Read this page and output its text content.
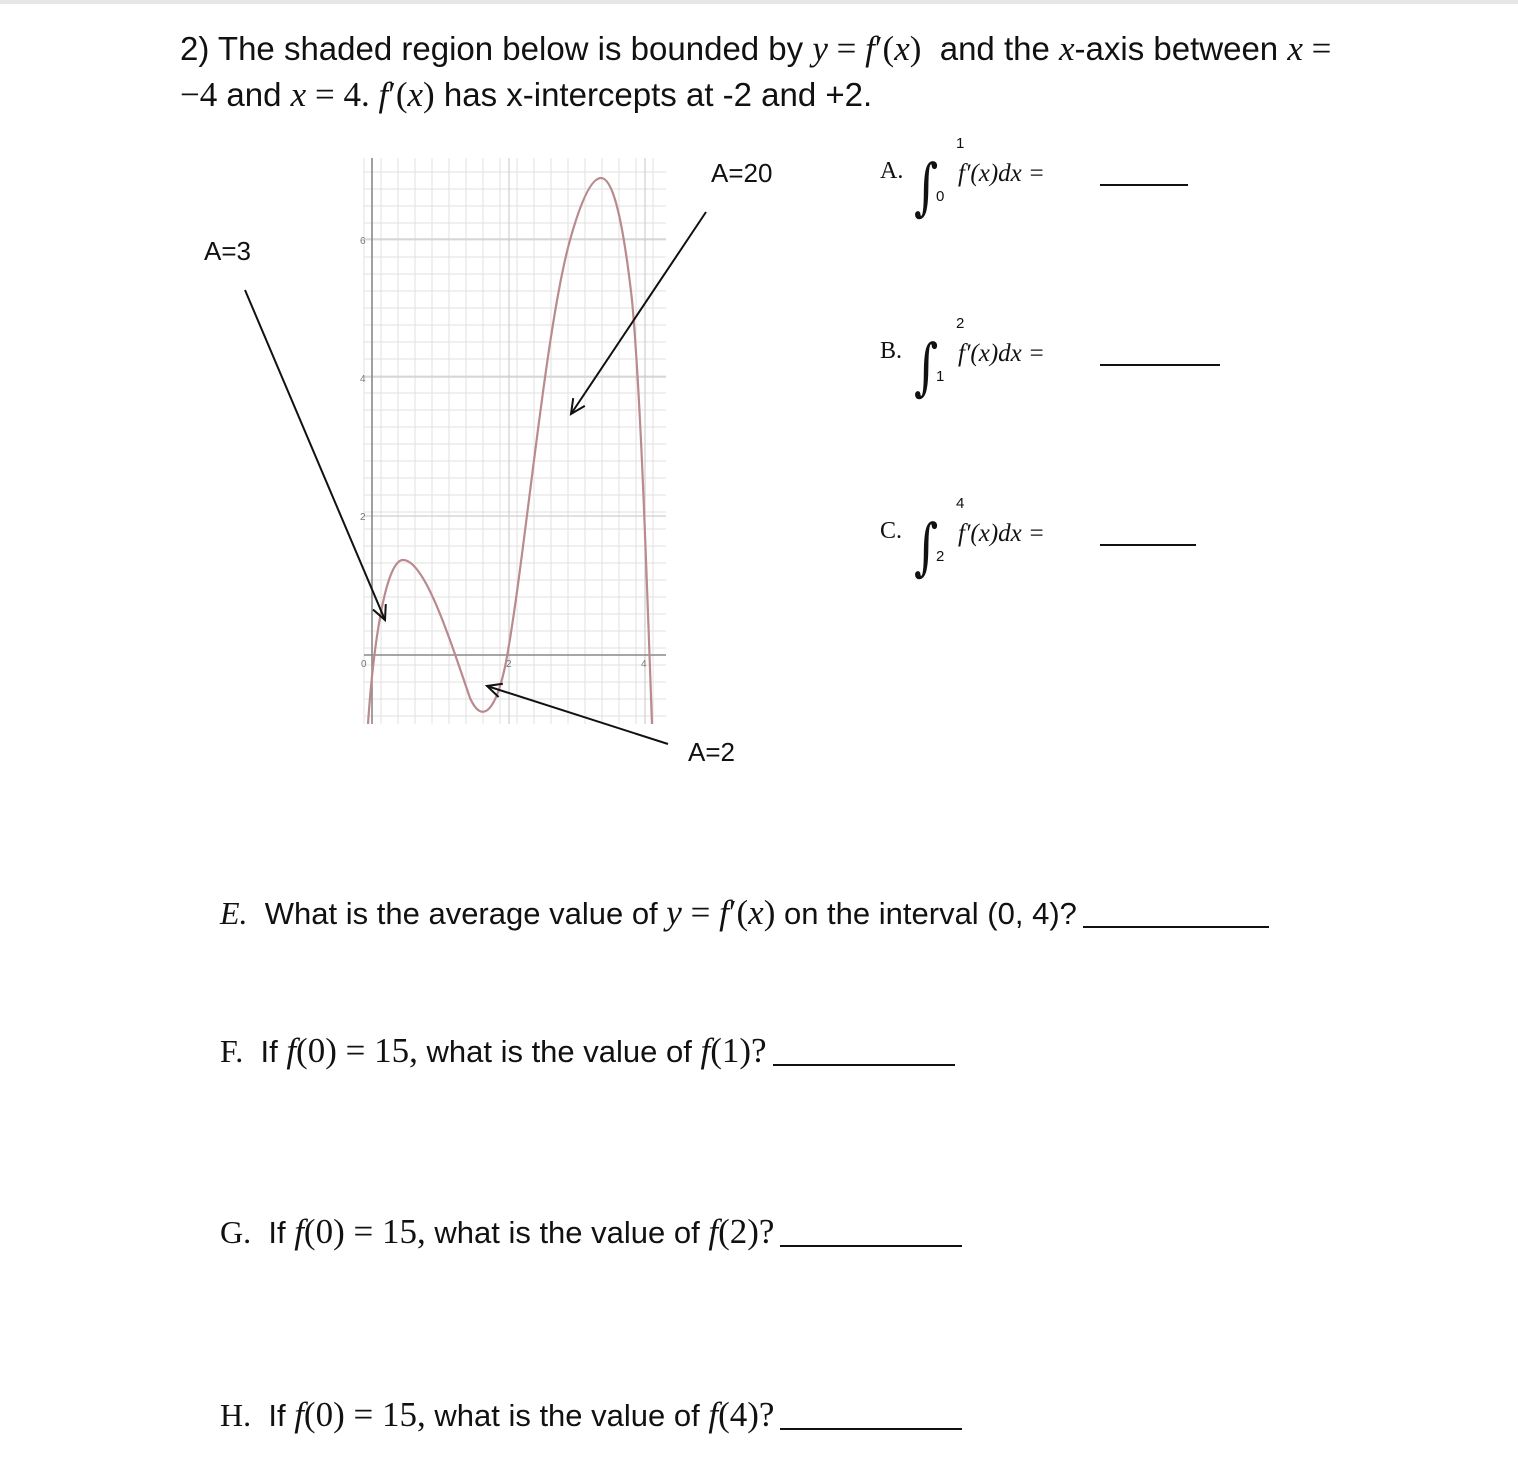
2) The shaded region below is bounded by y = f′(x)  and the x-axis between x =
−4 and x = 4. f′(x) has x-intercepts at -2 and +2.
6
4
2
0	2	4
A=3
A=2
A=20	A. ∫
1
0
f′(x)dx =
B. ∫
2
1
f′(x)dx =
C. ∫
4
2
f′(x)dx =
E. What is the average value of y = f′(x) on the interval (0, 4)?
F. If f(0) = 15, what is the value of f(1)?
G. If f(0) = 15, what is the value of f(2)?
H. If f(0) = 15, what is the value of f(4)?
